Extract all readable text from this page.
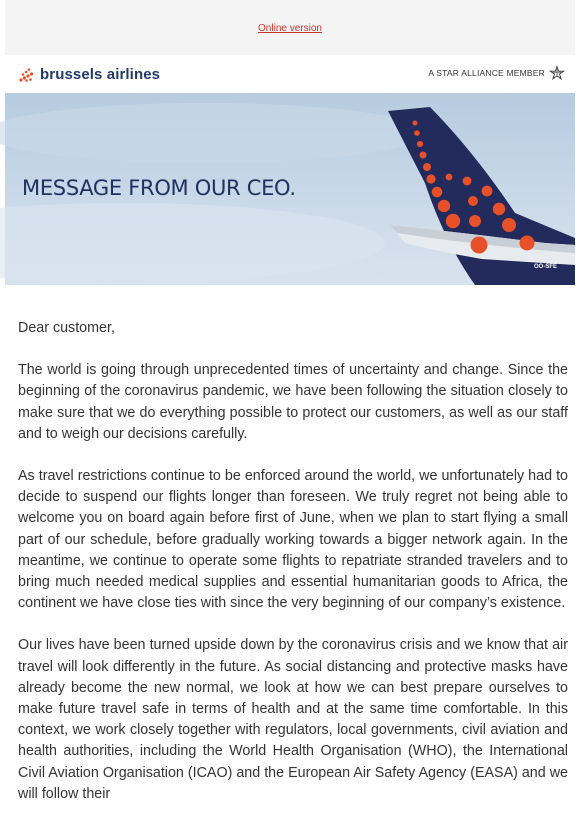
Online version
brussels airlines	A STAR ALLIANCE MEMBER
MESSAGE FROM OUR CEO.
OO-SFE

Dear customer,

The world is going through unprecedented times of uncertainty and change. Since the beginning of the coronavirus pandemic, we have been following the situation closely to make sure that we do everything possible to protect our customers, as well as our staff and to weigh our decisions carefully.

As travel restrictions continue to be enforced around the world, we unfortunately had to decide to suspend our flights longer than foreseen. We truly regret not being able to welcome you on board again before first of June, when we plan to start flying a small part of our schedule, before gradually working towards a bigger network again. In the meantime, we continue to operate some flights to repatriate stranded travelers and to bring much needed medical supplies and essential humanitarian goods to Africa, the continent we have close ties with since the very beginning of our company’s existence.

Our lives have been turned upside down by the coronavirus crisis and we know that air travel will look differently in the future. As social distancing and protective masks have already become the new normal, we look at how we can best prepare ourselves to make future travel safe in terms of health and at the same time comfortable. In this context, we work closely together with regulators, local governments, civil aviation and health authorities, including the World Health Organisation (WHO), the International Civil Aviation Organisation (ICAO) and the European Air Safety Agency (EASA) and we will follow their
